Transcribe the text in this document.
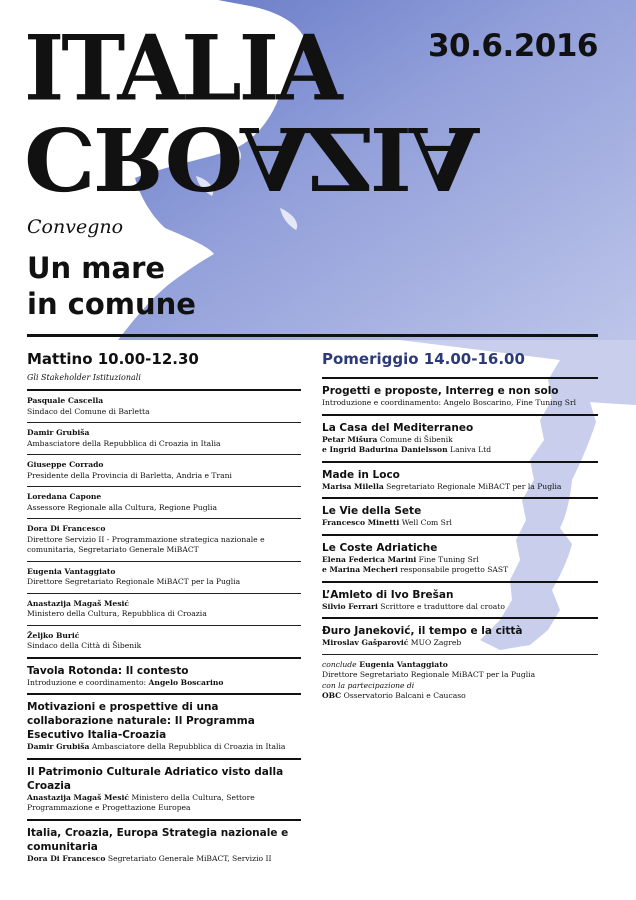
ITALIA
CROAZIA
30.6.2016
Convegno
Un mare
in comune
Mattino 10.00-12.30
Gli Stakeholder Istituzionali
Pasquale Cascella
Sindaco del Comune di Barletta
Damir Grubiša
Ambasciatore della Repubblica di Croazia in Italia
Giuseppe Corrado
Presidente della Provincia di Barletta, Andria e Trani
Loredana Capone
Assessore Regionale alla Cultura, Regione Puglia
Dora Di Francesco
Direttore Servizio II - Programmazione strategica nazionale e comunitaria, Segretariato Generale MiBACT
Eugenia Vantaggiato
Direttore Segretariato Regionale MiBACT per la Puglia
Anastazija Magaš Mesić
Ministero della Cultura, Repubblica di Croazia
Željko Burić
Sindaco della Città di Šibenik
Tavola Rotonda: Il contesto
Introduzione e coordinamento: Angelo Boscarino
Motivazioni e prospettive di una collaborazione naturale: Il Programma Esecutivo Italia-Croazia
Damir Grubiša Ambasciatore della Repubblica di Croazia in Italia
Il Patrimonio Culturale Adriatico visto dalla Croazia
Anastazija Magaš Mesić Ministero della Cultura, Settore Programmazione e Progettazione Europea
Italia, Croazia, Europa Strategia nazionale e comunitaria
Dora Di Francesco Segretariato Generale MiBACT, Servizio II
Pomeriggio 14.00-16.00
Progetti e proposte, Interreg e non solo
Introduzione e coordinamento: Angelo Boscarino, Fine Tuning Srl
La Casa del Mediterraneo
Petar Mišura Comune di Šibenik
e Ingrid Badurina Danielsson Laniva Ltd
Made in Loco
Marisa Milella Segretariato Regionale MiBACT per la Puglia
Le Vie della Sete
Francesco Minetti Well Com Srl
Le Coste Adriatiche
Elena Federica Marini Fine Tuning Srl
e Marina Mecheri responsabile progetto SAST
L’Amleto di Ivo Brešan
Silvio Ferrari Scrittore e traduttore dal croato
Đuro Janeković, il tempo e la città
Miroslav Gašparović MUO Zagreb
conclude Eugenia Vantaggiato
Direttore Segretariato Regionale MiBACT per la Puglia
con la partecipazione di
OBC Osservatorio Balcani e Caucaso
